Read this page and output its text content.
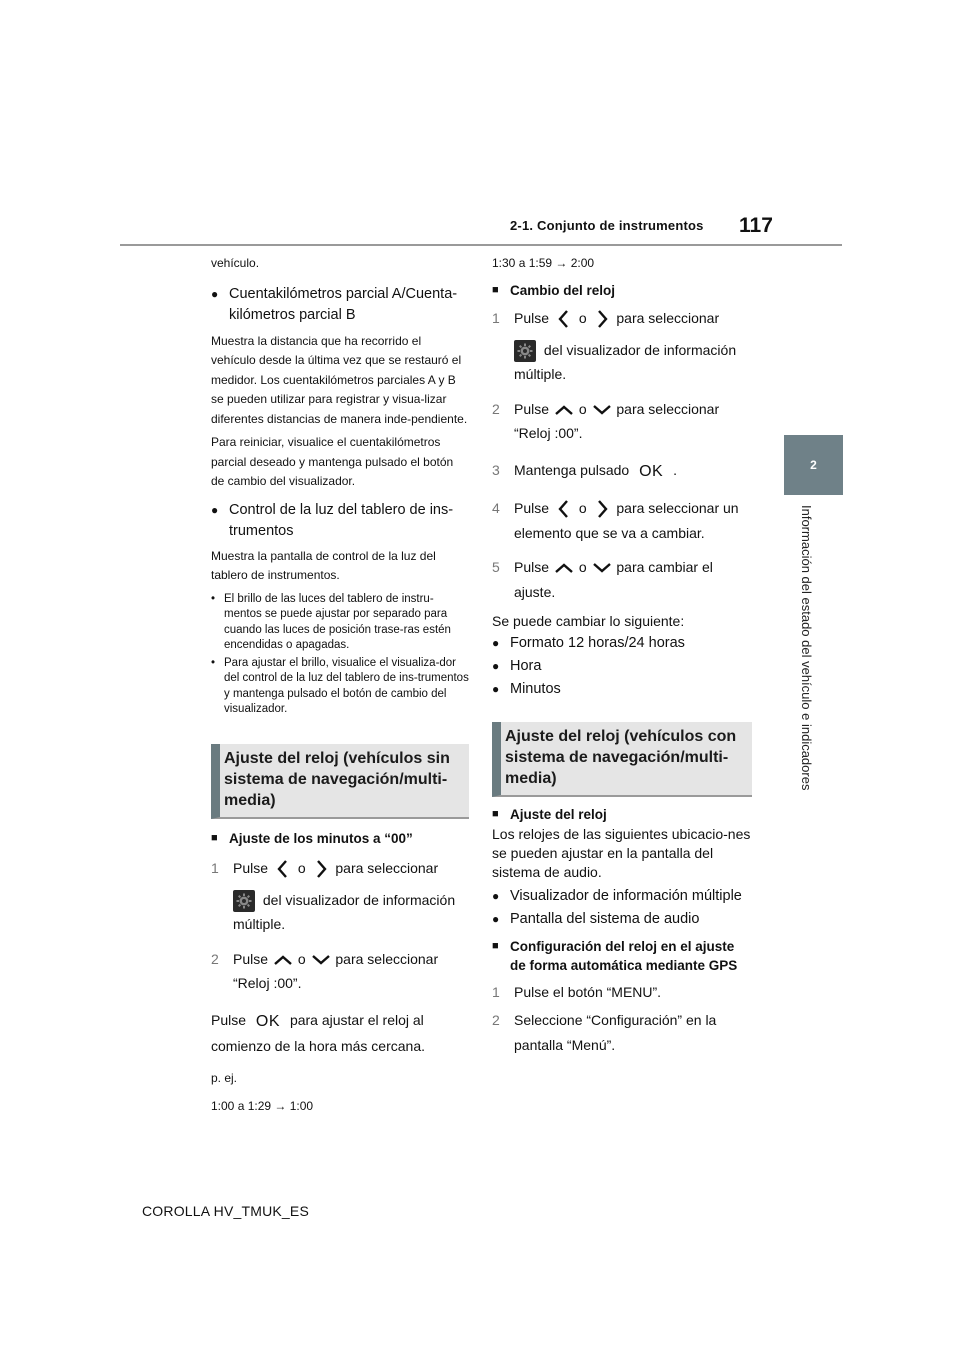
2-1. Conjunto de instrumentos 117
2
Información del estado del vehículo e indicadores
vehículo.
● Cuentakilómetros parcial A/Cuenta-kilómetros parcial B
Muestra la distancia que ha recorrido el vehículo desde la última vez que se restauró el medidor. Los cuentakilómetros parciales A y B se pueden utilizar para registrar y visua-lizar diferentes distancias de manera inde-pendiente.
Para reiniciar, visualice el cuentakilómetros parcial deseado y mantenga pulsado el botón de cambio del visualizador.
● Control de la luz del tablero de ins-trumentos
Muestra la pantalla de control de la luz del tablero de instrumentos.
• El brillo de las luces del tablero de instru-mentos se puede ajustar por separado para cuando las luces de posición trase-ras estén encendidas o apagadas.
• Para ajustar el brillo, visualice el visualiza-dor del control de la luz del tablero de ins-trumentos y mantenga pulsado el botón de cambio del visualizador.
Ajuste del reloj (vehículos sin sistema de navegación/multi-media)
■ Ajuste de los minutos a “00”
1	Pulse o para seleccionar

del visualizador de información múltiple.
2	Pulse o para seleccionar “Reloj :00”.
Pulse OK para ajustar el reloj al comienzo de la hora más cercana.
p. ej.
1:00 a 1:29 → 1:00
1:30 a 1:59 → 2:00
■ Cambio del reloj
1	Pulse o para seleccionar

del visualizador de información múltiple.
2	Pulse o para seleccionar “Reloj :00”.
3	Mantenga pulsado OK .
4	Pulse o para seleccionar un elemento que se va a cambiar.
5	Pulse o para cambiar el ajuste.
Se puede cambiar lo siguiente:
● Formato 12 horas/24 horas
● Hora
● Minutos
Ajuste del reloj (vehículos con sistema de navegación/multi-media)
■ Ajuste del reloj
Los relojes de las siguientes ubicacio-nes se pueden ajustar en la pantalla del sistema de audio.
● Visualizador de información múltiple
● Pantalla del sistema de audio
■ Configuración del reloj en el ajuste de forma automática mediante GPS
1	Pulse el botón “MENU”.
2	Seleccione “Configuración” en la pantalla “Menú”.
COROLLA HV_TMUK_ES
